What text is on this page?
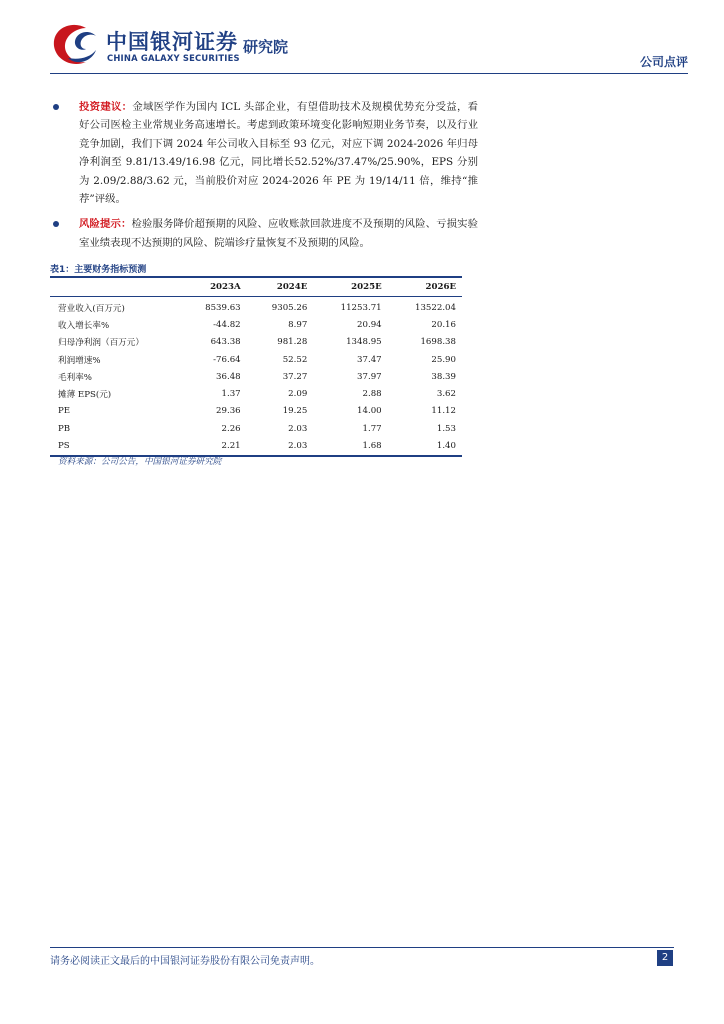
中国银河证券
CHINA GALAXY SECURITIES
研究院
公司点评
投资建议：金域医学作为国内 ICL 头部企业，有望借助技术及规模优势充分受益，看好公司医检主业常规业务高速增长。考虑到政策环境变化影响短期业务节奏，以及行业竞争加剧，我们下调 2024 年公司收入目标至 93 亿元，对应下调 2024-2026 年归母净利润至 9.81/13.49/16.98 亿元，同比增长52.52%/37.47%/25.90%，EPS 分别为 2.09/2.88/3.62 元，当前股价对应 2024-2026 年 PE 为 19/14/11 倍，维持“推荐”评级。
风险提示：检验服务降价超预期的风险、应收账款回款进度不及预期的风险、亏损实验室业绩表现不达预期的风险、院端诊疗量恢复不及预期的风险。
表1：主要财务指标预测
	2023A	2024E	2025E	2026E
营业收入(百万元)	8539.63	9305.26	11253.71	13522.04
收入增长率%	-44.82	8.97	20.94	20.16
归母净利润（百万元）	643.38	981.28	1348.95	1698.38
利润增速%	-76.64	52.52	37.47	25.90
毛利率%	36.48	37.27	37.97	38.39
摊薄 EPS(元)	1.37	2.09	2.88	3.62
PE	29.36	19.25	14.00	11.12
PB	2.26	2.03	1.77	1.53
PS	2.21	2.03	1.68	1.40
资料来源：公司公告，中国银河证券研究院
请务必阅读正文最后的中国银河证券股份有限公司免责声明。	2
